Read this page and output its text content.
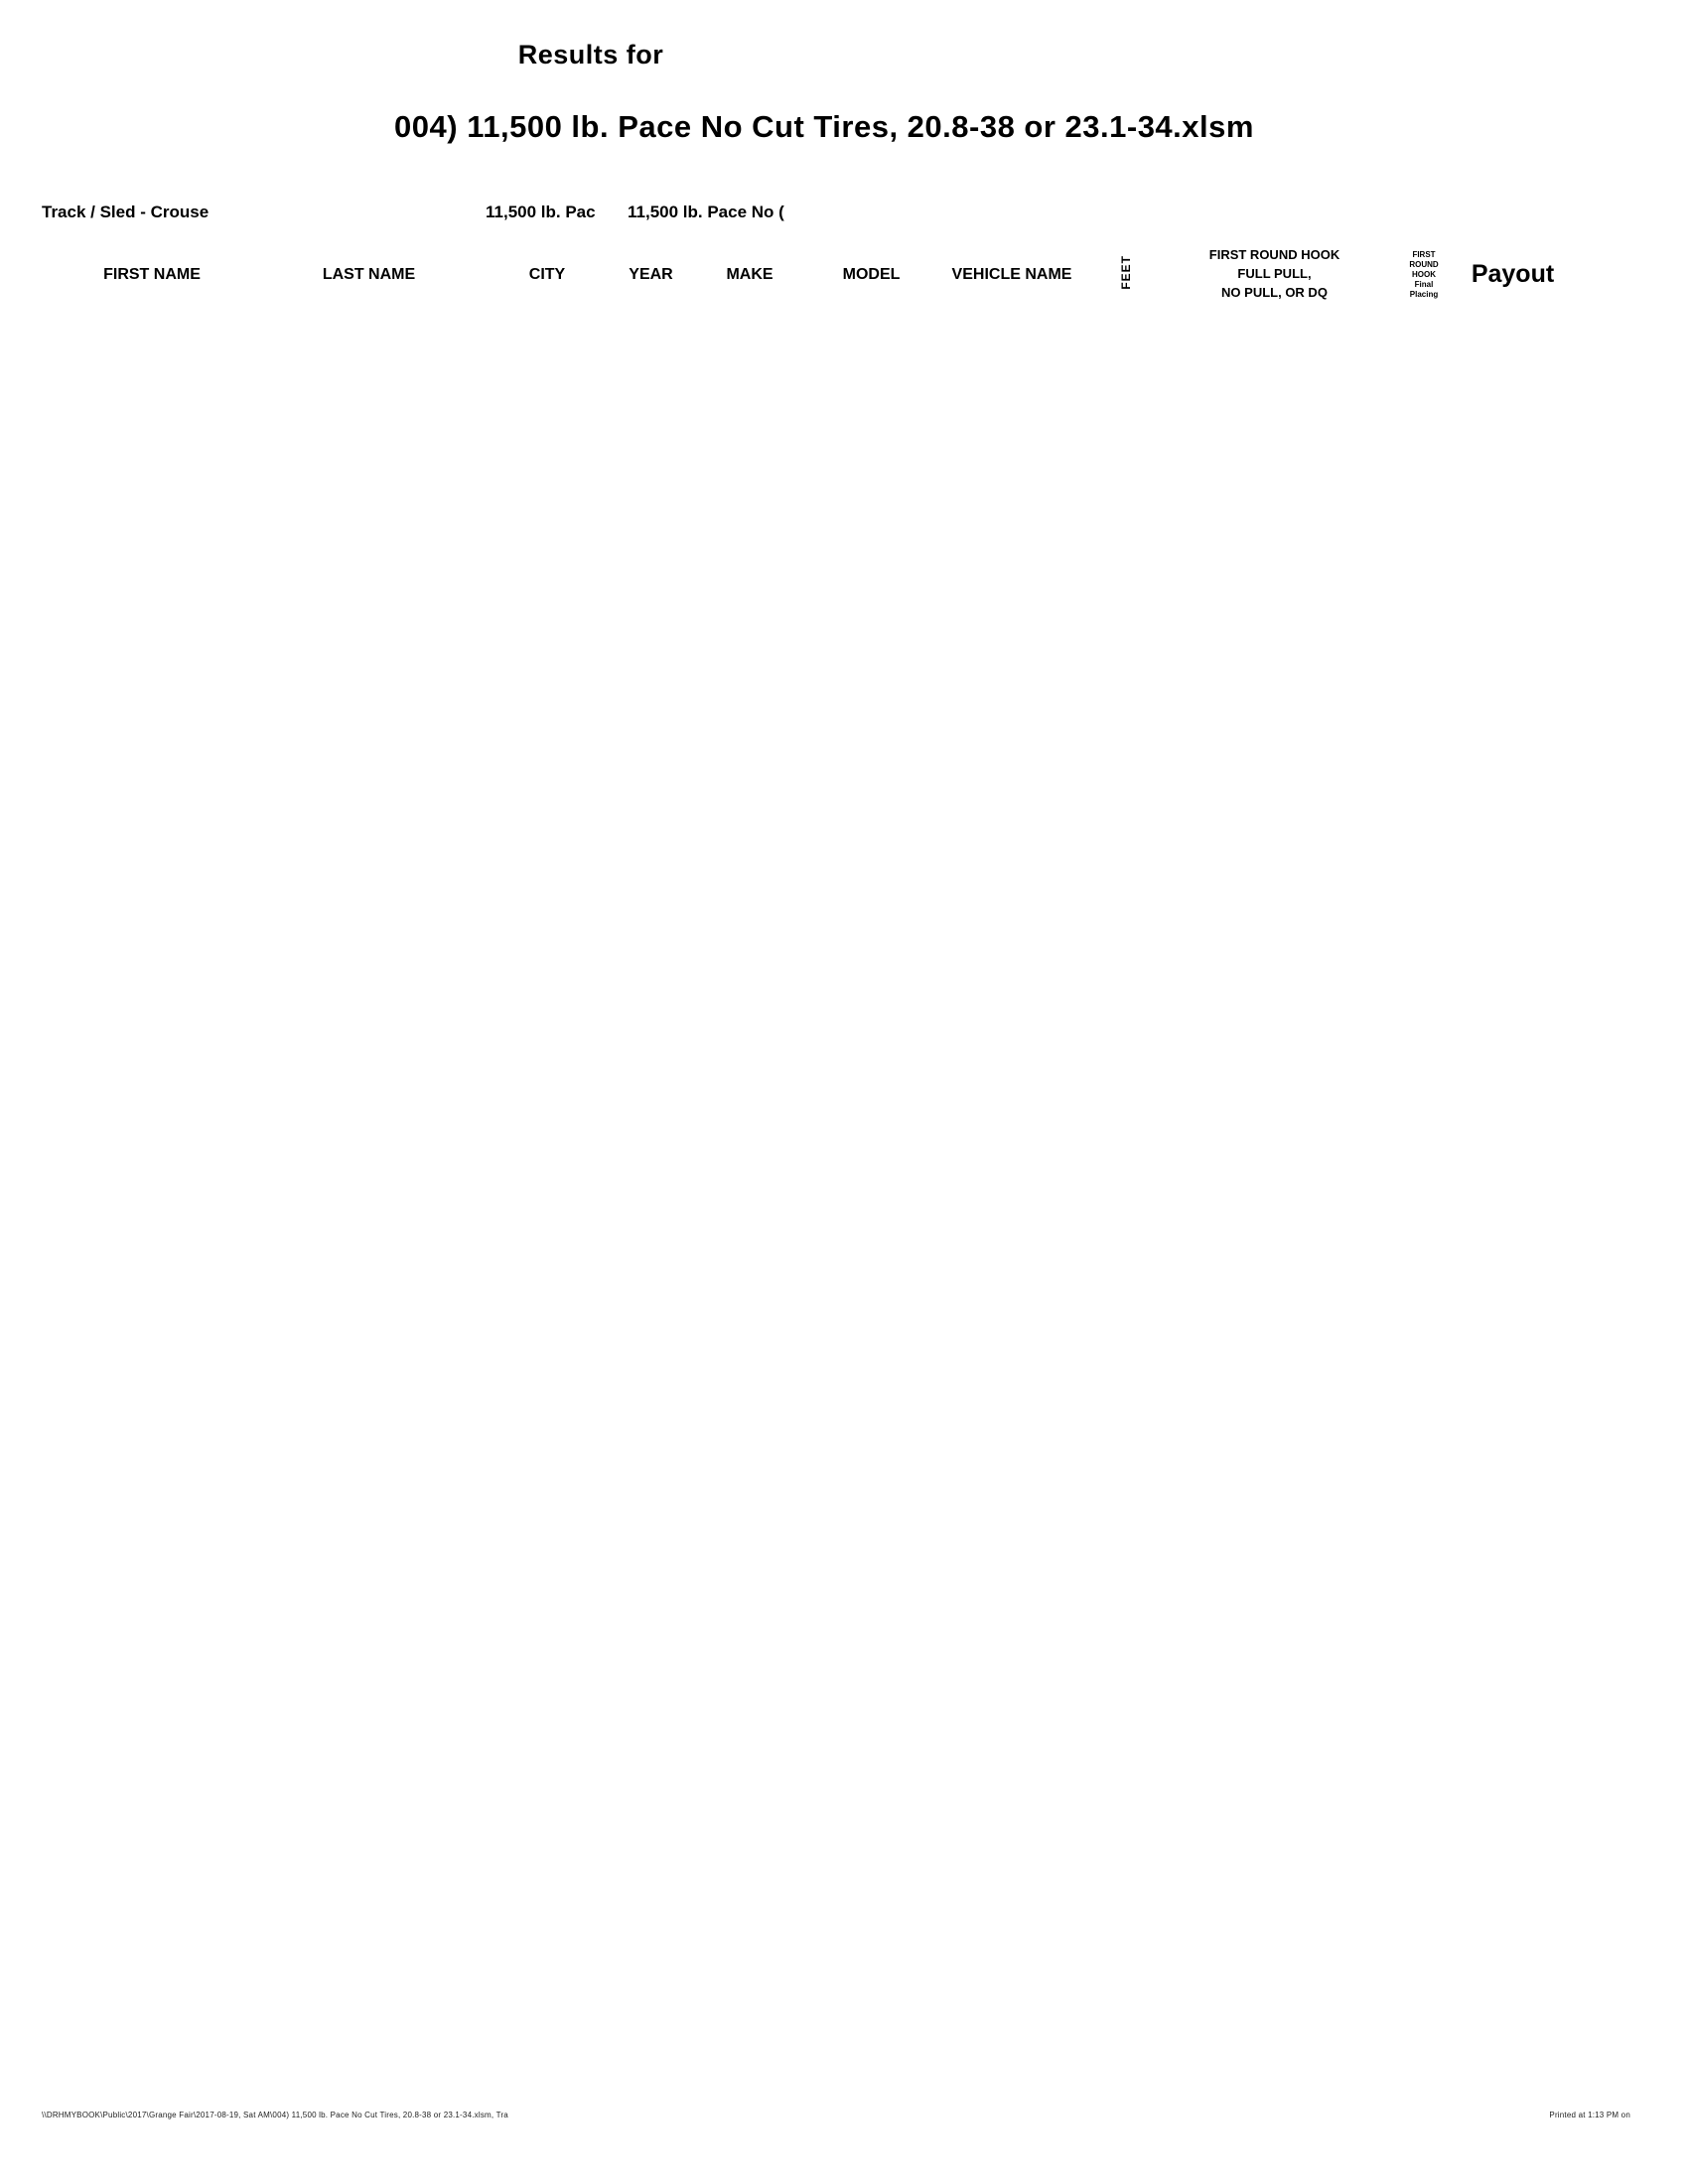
Results for
004) 11,500 lb. Pace No Cut Tires, 20.8-38 or 23.1-34.xlsm
Track / Sled - Crouse	11,500 lb. Pac	11,500 lb. Pace No (
FIRST NAME	LAST NAME	CITY	YEAR	MAKE	MODEL	VEHICLE NAME	FEET	FIRST ROUND HOOK
FULL PULL,
NO PULL, OR DQ

FIRST
ROUND
HOOK
Final
Placing
	Payout
\\DRHMYBOOK\Public\2017\Grange Fair\2017-08-19, Sat AM\004) 11,500 lb. Pace No Cut Tires, 20.8-38 or 23.1-34.xlsm, Tra	Printed at 1:13 PM on
